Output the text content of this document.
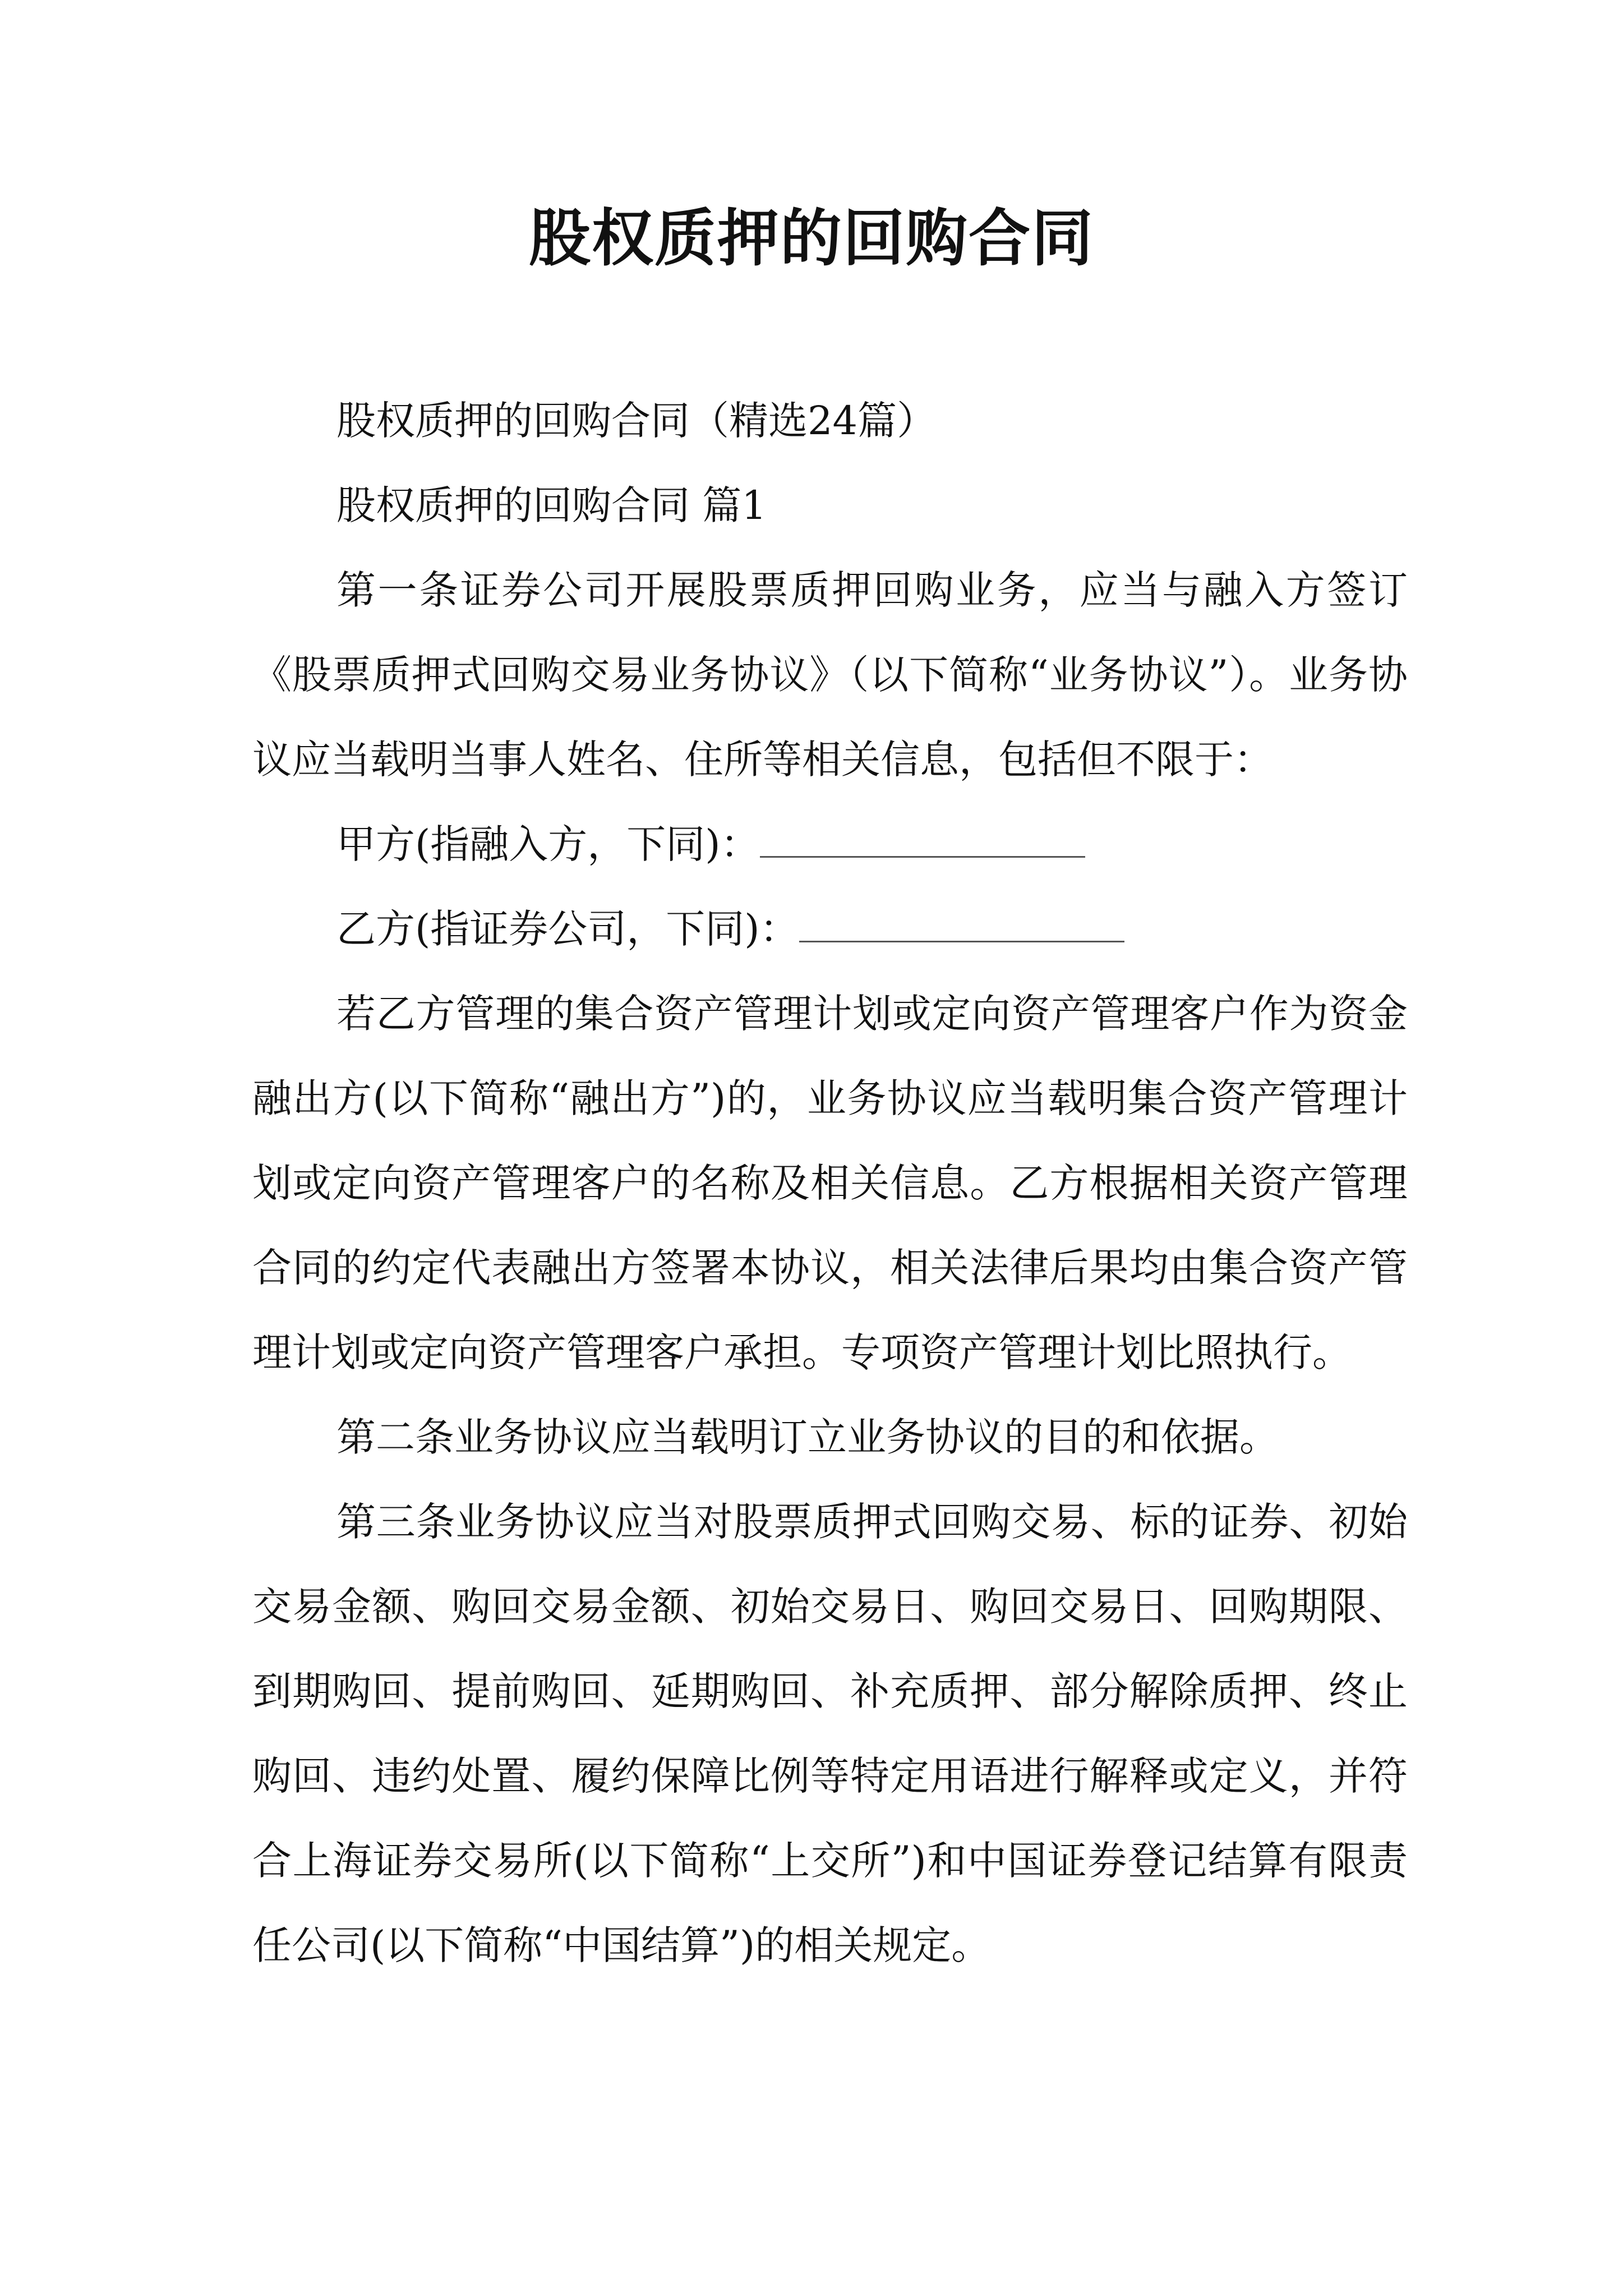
股权质押的回购合同

股权质押的回购合同（精选24篇）

股权质押的回购合同 篇1

第一条证券公司开展股票质押回购业务，应当与融入方签订《股票质押式回购交易业务协议》（以下简称“业务协议”）。业务协议应当载明当事人姓名、住所等相关信息，包括但不限于：

甲方(指融入方，下同)：

乙方(指证券公司，下同)：

若乙方管理的集合资产管理计划或定向资产管理客户作为资金融出方(以下简称“融出方”)的，业务协议应当载明集合资产管理计划或定向资产管理客户的名称及相关信息。乙方根据相关资产管理合同的约定代表融出方签署本协议，相关法律后果均由集合资产管理计划或定向资产管理客户承担。专项资产管理计划比照执行。

第二条业务协议应当载明订立业务协议的目的和依据。

第三条业务协议应当对股票质押式回购交易、标的证券、初始交易金额、购回交易金额、初始交易日、购回交易日、回购期限、到期购回、提前购回、延期购回、补充质押、部分解除质押、终止购回、违约处置、履约保障比例等特定用语进行解释或定义，并符合上海证券交易所(以下简称“上交所”)和中国证券登记结算有限责任公司(以下简称“中国结算”)的相关规定。
